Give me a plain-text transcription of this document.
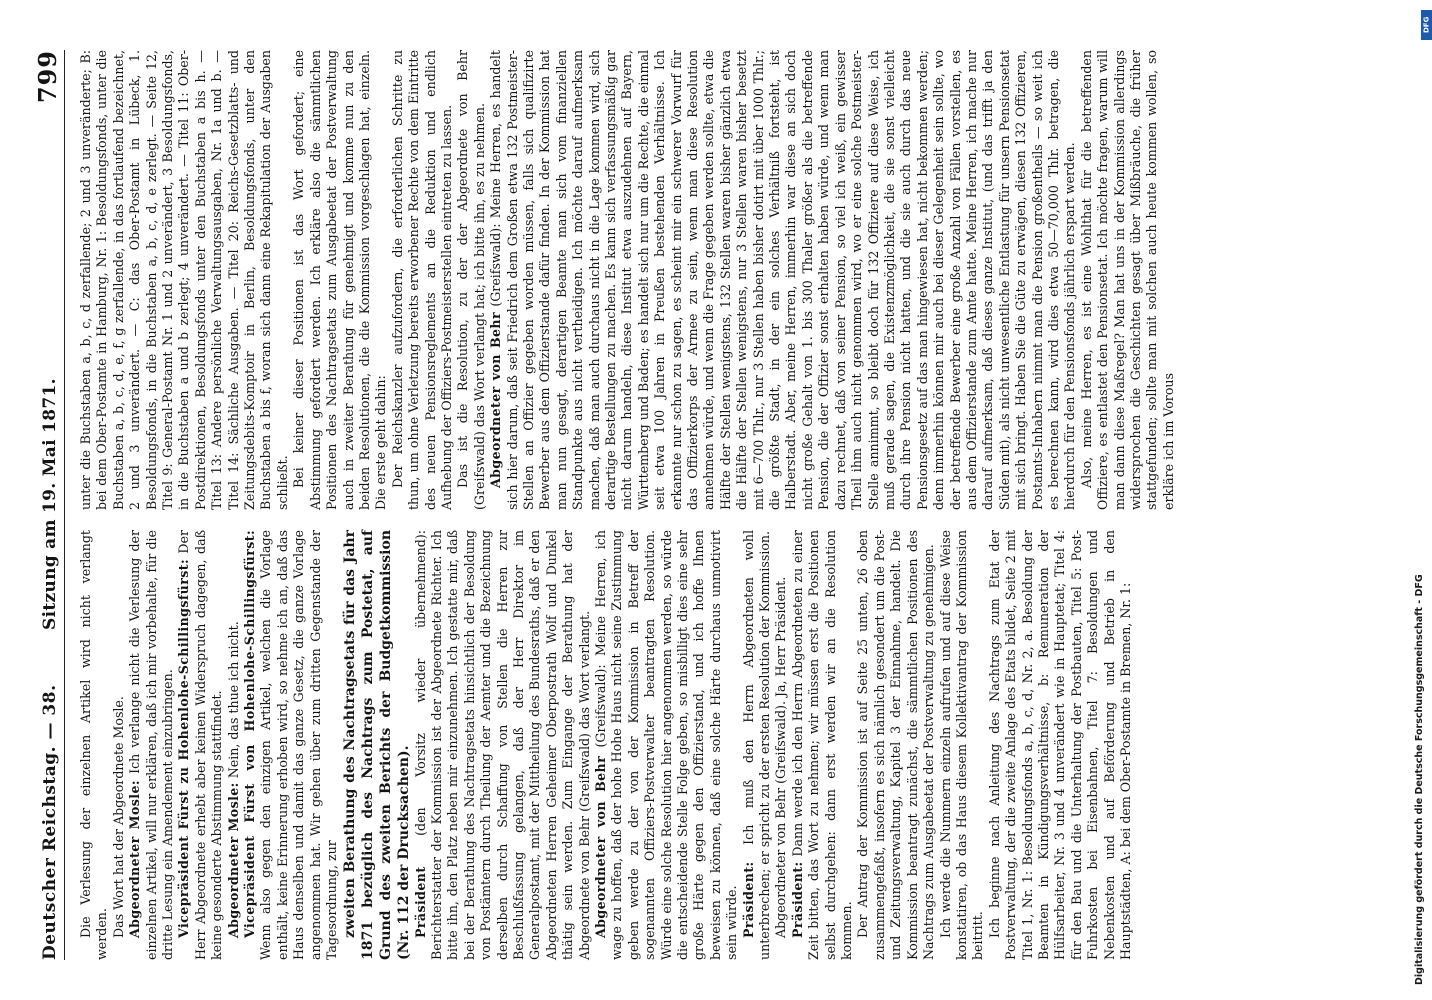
Deutscher Reichstag. — 38.
Sitzung am 19. Mai 1871.
799

Die Verlesung der einzelnen Artikel wird nicht verlangt werden. Das Wort hat der Abgeordnete Mosle. Abgeordneter Mosle: Ich verlange nicht die Verlesung der einzelnen Artikel, will nur erklären, daß ich mir vorbehalte, für die dritte Lesung ein Amendement einzubringen. Vicepräsident Fürst zu Hohenlohe-Schillingsfürst: Der Herr Abgeordnete erhebt aber keinen Widerspruch dagegen, daß keine gesonderte Abstimmung stattfindet. Abgeordneter Mosle: Nein, das thue ich nicht. Vicepräsident Fürst von Hohenlohe-Schillingsfürst: Wenn also gegen den einzigen Artikel, welchen die Vorlage enthält, keine Erinnerung erhoben wird, so nehme ich an, daß das Haus denselben und damit das ganze Gesetz, die ganze Vorlage angenommen hat. Wir gehen über zum dritten Gegenstande der Tagesordnung, zur zweiten Berathung des Nachtragsetats für das Jahr 1871 bezüglich des Nachtrags zum Postetat, auf Grund des zweiten Berichts der Budgetkommission (Nr. 112 der Drucksachen). Präsident (den Vorsitz wieder übernehmend): Berichterstatter der Kommission ist der Abgeordnete Richter. Ich bitte ihn, den Platz neben mir einzunehmen. Ich gestatte mir, daß bei der Berathung des Nachtragsetats hinsichtlich der Besoldung von Postämtern durch Theilung der Aemter und die Bezeichnung derselben durch Schaffung von Stellen die Herren zur Beschlußfassung gelangen, daß der Herr Direktor im Generalpostamt, mit der Mittheilung des Bundesraths, daß er den Abgeordneten Herren Geheimer Oberpostrath Wolf und Dunkel thätig sein werden. Zum Eingange der Berathung hat der Abgeordnete von Behr (Greifswald) das Wort verlangt. Abgeordneter von Behr (Greifswald): Meine Herren, ich wage zu hoffen, daß der hohe Hohe Haus nicht seine Zustimmung geben werde zu der von der Kommission in Betreff der sogenannten Offiziers-Postverwalter beantragten Resolution. Würde eine solche Resolution hier angenommen werden, so würde die entscheidende Stelle Folge geben, so misbilligt dies eine sehr große Härte gegen den Offizierstand, und ich hoffe Ihnen beweisen zu können, daß eine solche Härte durchaus unmotivirt sein würde. Präsident: Ich muß den Herrn Abgeordneten wohl unterbrechen; er spricht zu der ersten Resolution der Kommission. Abgeordneter von Behr (Greifswald). Ja, Herr Präsident. Präsident: Dann werde ich den Herrn Abgeordneten zu einer Zeit bitten, das Wort zu nehmen; wir müssen erst die Positionen selbst durchgehen: dann erst werden wir an die Resolution kommen. Der Antrag der Kommission ist auf Seite 25 unten, 26 oben zusammengefaßt, insofern es sich nämlich gesondert um die Post- und Zeitungsverwaltung, Kapitel 3 der Einnahme, handelt. Die Kommission beantragt zunächst, die sämmtlichen Positionen des Nachtrags zum Ausgabeetat der Postverwaltung zu genehmigen. Ich werde die Nummern einzeln aufrufen und auf diese Weise konstatiren, ob das Haus diesem Kollektivantrag der Kommission beitritt. Ich beginne nach Anleitung des Nachtrags zum Etat der Postverwaltung, der die zweite Anlage des Etats bildet, Seite 2 mit Titel 1, Nr. 1: Besoldungsfonds a, b, c, d, Nr. 2, a. Besoldung der Beamten in Kündigungsverhältnisse, b: Remuneration der Hülfsarbeiter, Nr. 3 und 4 unverändert wie in Hauptetat; Titel 4: für den Bau und die Unterhaltung der Postbauten, Titel 5: Post-Fuhrkosten bei Eisenbahnen, Titel 7: Besoldungen und Nebenkosten und auf Beförderung und Betrieb in den Hauptstädten, A: bei dem Ober-Postamte in Bremen, Nr. 1:

unter die Buchstaben a, b, c, d zerfallende; 2 und 3 unveränderte; B: bei dem Ober-Postamte in Hamburg, Nr. 1: Besoldungsfonds, unter die Buchstaben a, b, c, d, e, f, g zerfallende, in das fortlaufend bezeichnet, 2 und 3 unverändert. — C: das Ober-Postamt in Lübeck, 1. Besoldungsfonds, in die Buchstaben a, b, c, d, e zerlegt. — Seite 12, Titel 9: General-Postamt Nr. 1 und 2 unverändert, 3 Besoldungsfonds, in die Buchstaben a und b zerlegt; 4 unverändert. — Titel 11: Ober-Postdirektionen, Besoldungsfonds unter den Buchstaben a bis h. — Titel 13: Andere persönliche Verwaltungsausgaben, Nr. 1a und b. — Titel 14: Sächliche Ausgaben. — Titel 20: Reichs-Gesetzblatts- und Zeitungsdebits-Komptoir in Berlin, Besoldungsfonds, unter den Buchstaben a bis f, woran sich dann eine Rekapitulation der Ausgaben schließt. Bei keiner dieser Positionen ist das Wort gefordert; eine Abstimmung gefordert werden. Ich erkläre also die sämmtlichen Positionen des Nachtragsetats zum Ausgabeetat der Postverwaltung auch in zweiter Berathung für genehmigt und komme nun zu den beiden Resolutionen, die die Kommission vorgeschlagen hat, einzeln. Die erste geht dahin: Der Reichskanzler aufzufordern, die erforderlichen Schritte zu thun, um ohne Verletzung bereits erworbener Rechte von dem Eintritte des neuen Pensionsreglements an die Reduktion und endlich Aufhebung der Offiziers-Postmeisterstellen eintreten zu lassen. Das ist die Resolution, zu der der Abgeordnete von Behr (Greifswald) das Wort verlangt hat; ich bitte ihn, es zu nehmen. Abgeordneter von Behr (Greifswald): Meine Herren, es handelt sich hier darum, daß seit Friedrich dem Großen etwa 132 Postmeister-Stellen an Offizier gegeben worden müssen, falls sich qualifizirte Bewerber aus dem Offizierstande dafür finden. In der Kommission hat man nun gesagt, derartigen Beamte man sich vom finanziellen Standpunkte aus nicht vertheidigen. Ich möchte darauf aufmerksam machen, daß man auch durchaus nicht in die Lage kommen wird, sich derartige Bestellungen zu machen. Es kann sich verfassungsmäßig gar nicht darum handeln, diese Institut etwa auszudehnen auf Bayern, Württemberg und Baden; es handelt sich nur um die Rechte, die einmal seit etwa 100 Jahren in Preußen bestehenden Verhältnisse. Ich erkannte nur schon zu sagen, es scheint mir ein schwerer Vorwurf für das Offizierkorps der Armee zu sein, wenn man diese Resolution annehmen würde, und wenn die Frage gegeben werden sollte, etwa die Hälfte der Stellen wenigstens, 132 Stellen waren bisher gänzlich etwa die Hälfte der Stellen wenigstens, nur 3 Stellen waren bisher besetzt mit 6—700 Thlr., nur 3 Stellen haben bisher dotirt mit über 1000 Thlr.; die größte Stadt, in der ein solches Verhältniß fortsteht, ist Halberstadt. Aber, meine Herren, immerhin war diese an sich doch nicht große Gehalt von 1. bis 300 Thaler größer als die betreffende Pension, die der Offizier sonst erhalten haben würde, und wenn man dazu rechnet, daß von seiner Pension, so viel ich weiß, ein gewisser Theil ihm auch nicht genommen wird, wo er eine solche Postmeister-Stelle annimmt, so bleibt doch für 132 Offiziere auf diese Weise, ich muß gerade sagen, die Existenzmöglichkeit, die sie sonst vielleicht durch ihre Pension nicht hatten, und die sie auch durch das neue Pensionsgesetz auf das man hingewiesen hat, nicht bekommen werden; denn immerhin können mir auch bei dieser Gelegenheit sein sollte, wo der betreffende Bewerber eine große Anzahl von Fällen vorstellen, es aus dem Offizierstande zum Amte hatte. Meine Herren, ich mache nur darauf aufmerksam, daß dieses ganze Institut, (und das trifft ja den Süden mit), als nicht unwesentliche Entlastung für unsern Pensionsetat mit sich bringt. Haben Sie die Güte zu erwägen, diesen 132 Offizieren, Postamts-Inhabern nimmt man die Pension großentheils — so weit ich es berechnen kann, wird dies etwa 50—70,000 Thlr. betragen, die hierdurch für den Pensionsfonds jährlich erspart werden. Also, meine Herren, es ist eine Wohlthat für die betreffenden Offiziere, es entlastet den Pensionsetat. Ich möchte fragen, warum will man dann diese Maßregel? Man hat uns in der Kommission allerdings widersprochen die Geschichten gesagt über Mißbräuche, die früher stattgefunden; sollte man mit solchen auch heute kommen wollen, so erkläre ich im Vorous

Digitalisierung gefördert durch die Deutsche Forschungsgemeinschaft - DFG
DFG
